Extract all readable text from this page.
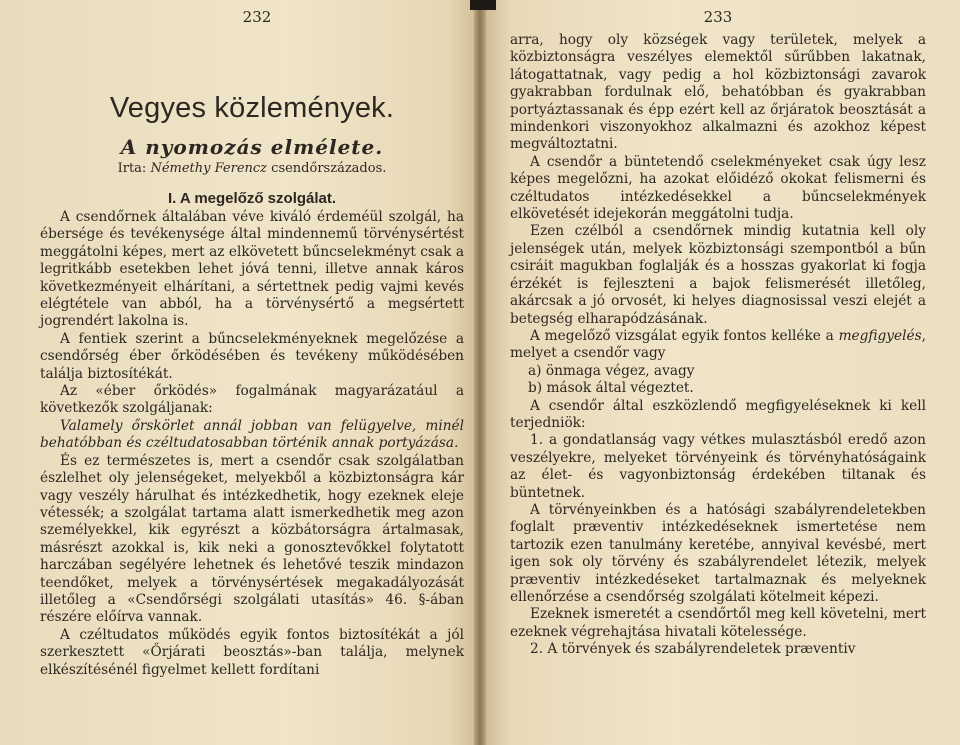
232
Vegyes közlemények.
A nyomozás elmélete.
Irta: Némethy Ferencz csendőrszázados.
I. A megelőző szolgálat.

A csendőrnek általában véve kiváló érdeméül szolgál, ha ébersége és tevékenysége által mindennemű törvénysértést meggátolni képes, mert az elkövetett bűncselekményt csak a legritkább esetekben lehet jóvá tenni, illetve annak káros következményeit elhárítani, a sértettnek pedig vajmi kevés elégtétele van abból, ha a törvénysértő a megsértett jogrendért lakolna is.

A fentiek szerint a bűncselekményeknek megelőzése a csendőrség éber őrködésében és tevékeny működésében találja biztosítékát.

Az «éber őrködés» fogalmának magyarázatául a következők szolgáljanak:

Valamely őrskörlet annál jobban van felügyelve, minél behatóbban és czéltudatosabban történik annak portyázása.

És ez természetes is, mert a csendőr csak szolgálatban észlelhet oly jelenségeket, melyekből a közbiztonságra kár vagy veszély hárulhat és intézkedhetik, hogy ezeknek eleje vétessék; a szolgálat tartama alatt ismerkedhetik meg azon személyekkel, kik egyrészt a közbátorságra ártalmasak, másrészt azokkal is, kik neki a gonosztevőkkel folytatott harczában segélyére lehetnek és lehetővé teszik mindazon teendőket, melyek a törvénysértések megakadályozását illetőleg a «Csendőrségi szolgálati utasítás» 46. §-ában részére előírva vannak.

A czéltudatos működés egyik fontos biztosítékát a jól szerkesztett «Őrjárati beosztás»-ban találja, melynek elkészítésénél figyelmet kellett fordítani

233

arra, hogy oly községek vagy területek, melyek a közbiztonságra veszélyes elemektől sűrűbben lakatnak, látogattatnak, vagy pedig a hol közbiztonsági zavarok gyakrabban fordulnak elő, behatóbban és gyakrabban portyáztassanak és épp ezért kell az őrjáratok beosztását a mindenkori viszonyokhoz alkalmazni és azokhoz képest megváltoztatni.

A csendőr a büntetendő cselekményeket csak úgy lesz képes megelőzni, ha azokat előidéző okokat felismerni és czéltudatos intézkedésekkel a bűncselekmények elkövetését idejekorán meggátolni tudja.

Ezen czélból a csendőrnek mindig kutatnia kell oly jelenségek után, melyek közbiztonsági szempontból a bűn csiráit magukban foglalják és a hosszas gyakorlat ki fogja érzékét is fejleszteni a bajok felismerését illetőleg, akárcsak a jó orvosét, ki helyes diagnosissal veszi elejét a betegség elharapódzásának.

A megelőző vizsgálat egyik fontos kelléke a megfigyelés, melyet a csendőr vagy

a) önmaga végez, avagy

b) mások által végeztet.

A csendőr által eszközlendő megfigyeléseknek ki kell terjedniök:

1. a gondatlanság vagy vétkes mulasztásból eredő azon veszélyekre, melyeket törvényeink és törvényhatóságaink az élet- és vagyonbiztonság érdekében tiltanak és büntetnek.

A törvényeinkben és a hatósági szabályrendeletekben foglalt præventiv intézkedéseknek ismertetése nem tartozik ezen tanulmány keretébe, annyival kevésbé, mert igen sok oly törvény és szabályrendelet létezik, melyek præventiv intézkedéseket tartalmaznak és melyeknek ellenőrzése a csendőrség szolgálati kötelmeit képezi.

Ezeknek ismeretét a csendőrtől meg kell követelni, mert ezeknek végrehajtása hivatali kötelessége.

2. A törvények és szabályrendeletek præventiv
